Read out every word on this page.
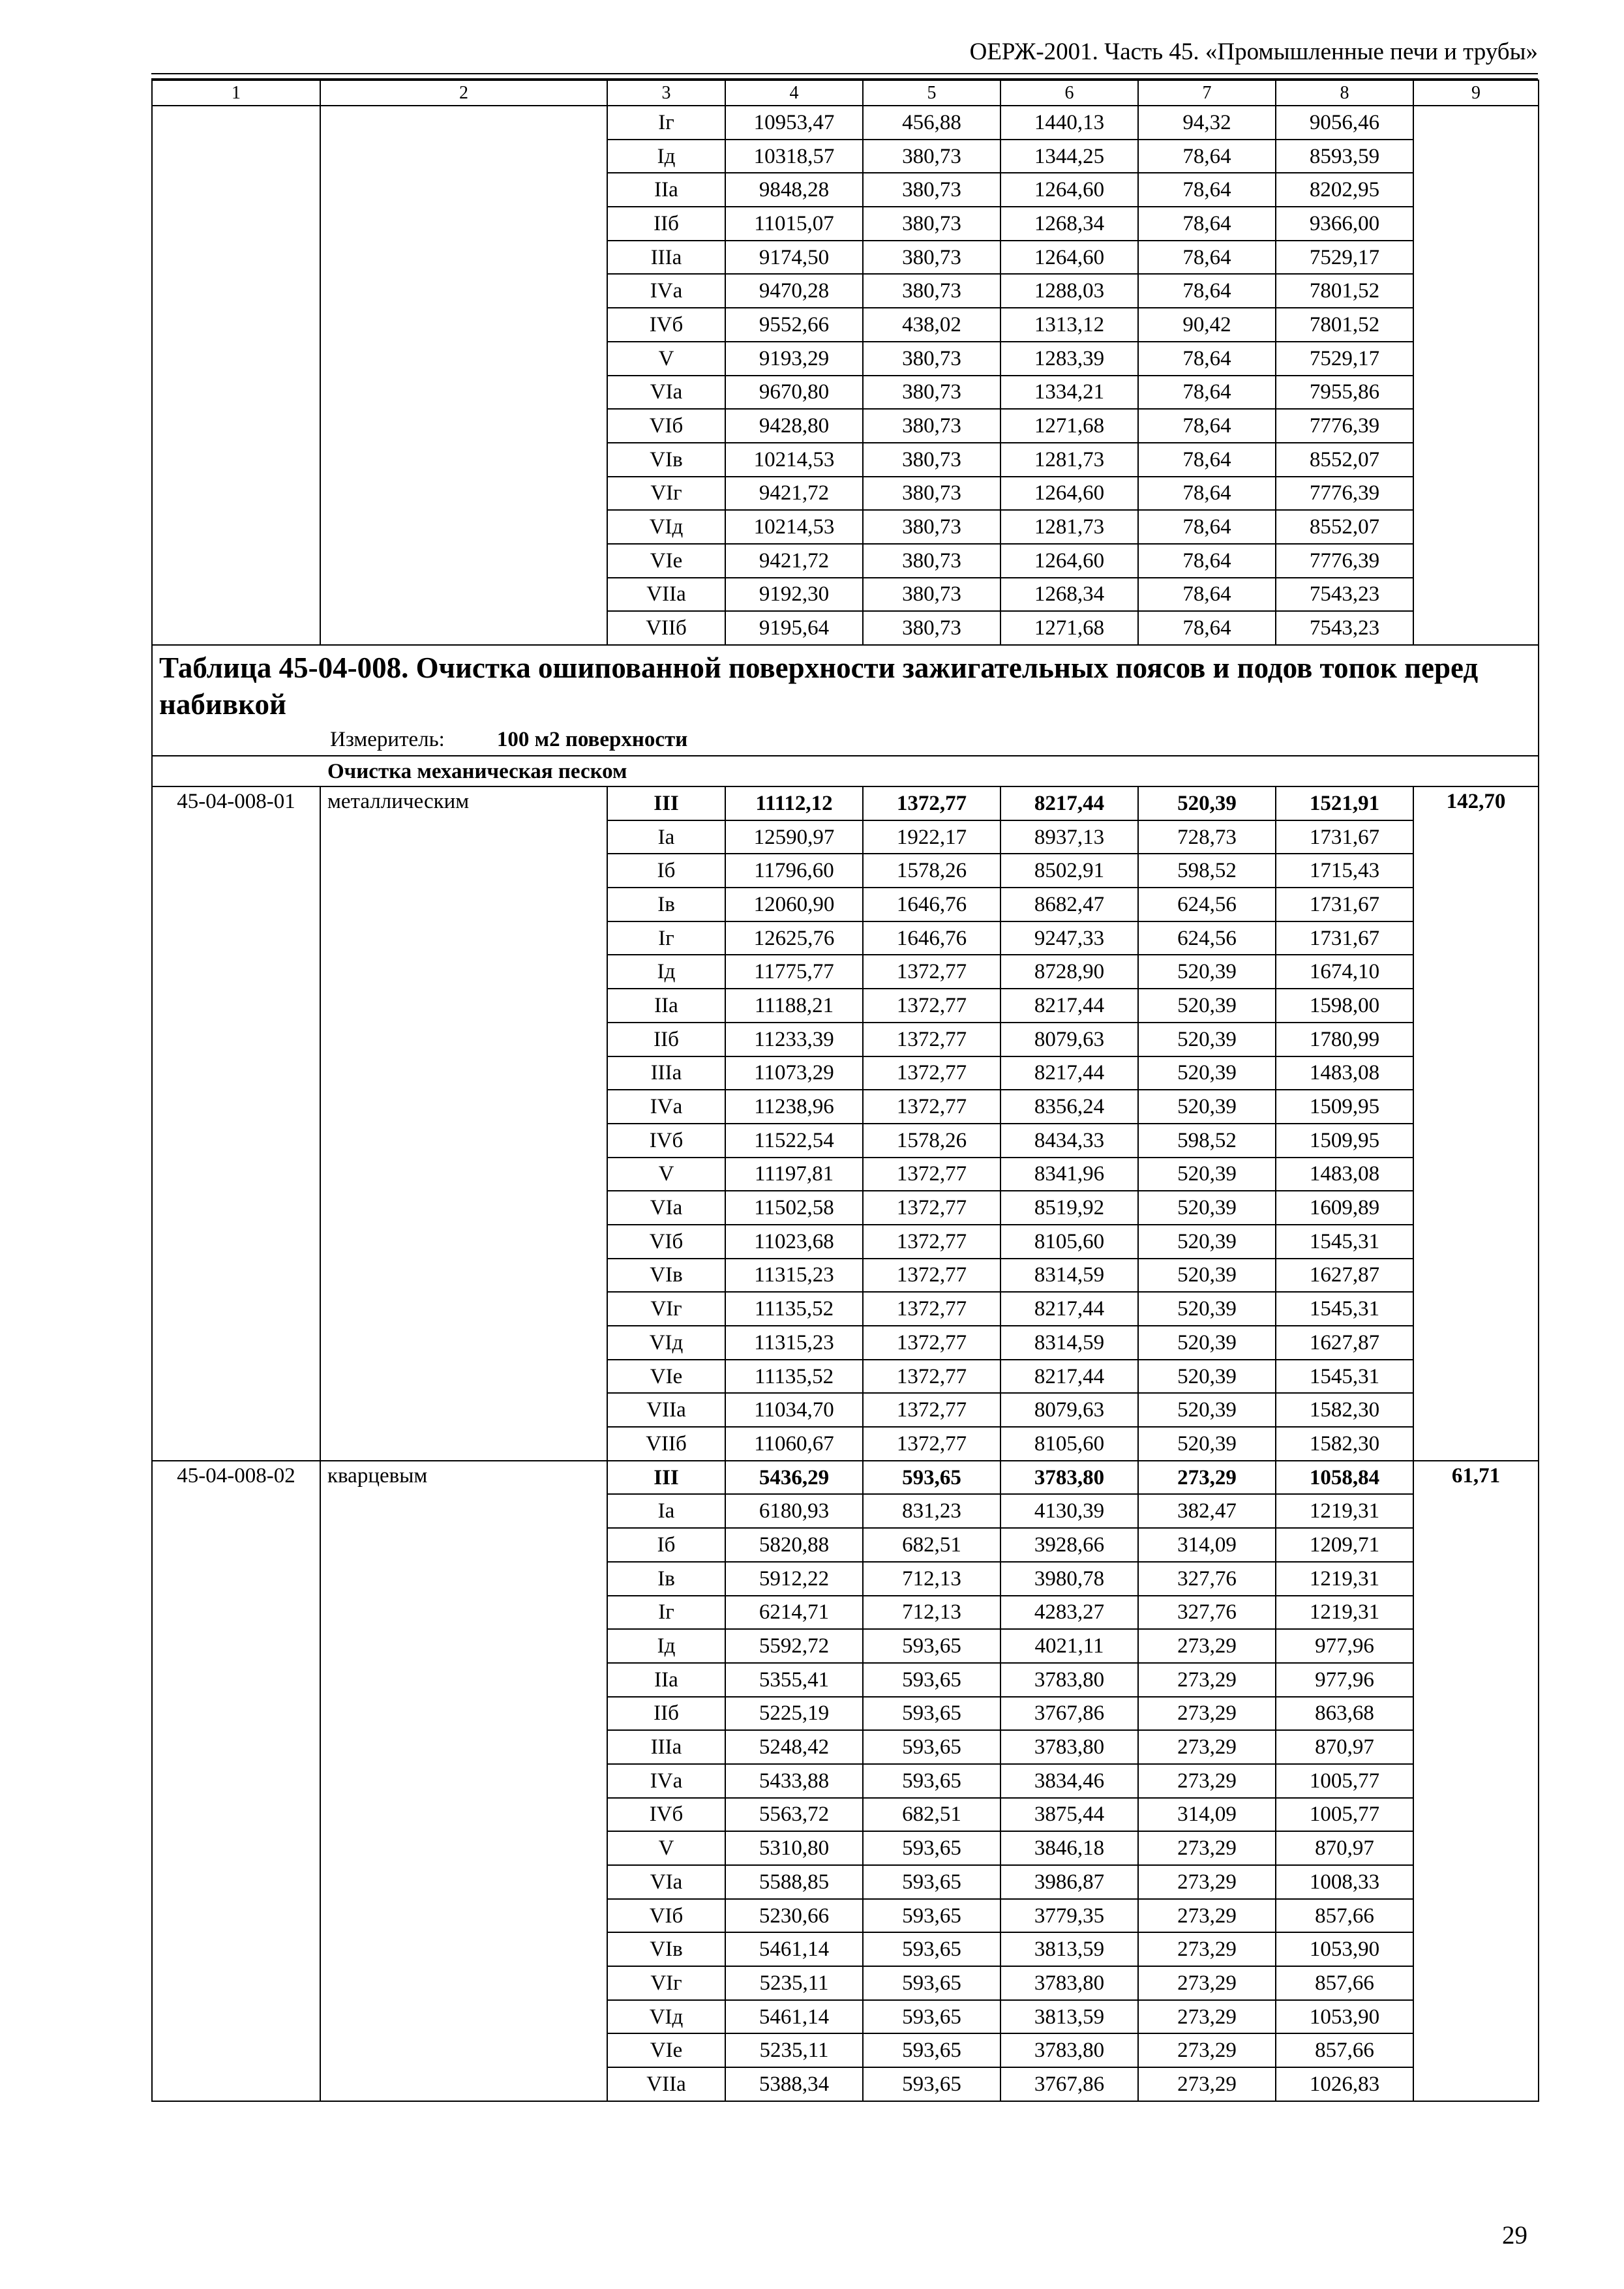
ОЕРЖ-2001. Часть 45. «Промышленные печи и трубы»
1	2	3	4	5	6	7	8	9
		Iг	10953,47	456,88	1440,13	94,32	9056,46	
		Iд	10318,57	380,73	1344,25	78,64	8593,59	
		IIа	9848,28	380,73	1264,60	78,64	8202,95	
		IIб	11015,07	380,73	1268,34	78,64	9366,00	
		IIIа	9174,50	380,73	1264,60	78,64	7529,17	
		IVа	9470,28	380,73	1288,03	78,64	7801,52	
		IVб	9552,66	438,02	1313,12	90,42	7801,52	
		V	9193,29	380,73	1283,39	78,64	7529,17	
		VIа	9670,80	380,73	1334,21	78,64	7955,86	
		VIб	9428,80	380,73	1271,68	78,64	7776,39	
		VIв	10214,53	380,73	1281,73	78,64	8552,07	
		VIг	9421,72	380,73	1264,60	78,64	7776,39	
		VIд	10214,53	380,73	1281,73	78,64	8552,07	
		VIе	9421,72	380,73	1264,60	78,64	7776,39	
		VIIа	9192,30	380,73	1268,34	78,64	7543,23	
		VIIб	9195,64	380,73	1271,68	78,64	7543,23	

Таблица 45-04-008. Очистка ошипованной поверхности зажигательных поясов и подов топок перед набивкой
Измеритель: 100 м2 поверхности								

Очистка механическая песком								
45-04-008-01	металлическим	III	11112,12	1372,77	8217,44	520,39	1521,91	142,70
		Iа	12590,97	1922,17	8937,13	728,73	1731,67	
		Iб	11796,60	1578,26	8502,91	598,52	1715,43	
		Iв	12060,90	1646,76	8682,47	624,56	1731,67	
		Iг	12625,76	1646,76	9247,33	624,56	1731,67	
		Iд	11775,77	1372,77	8728,90	520,39	1674,10	
		IIа	11188,21	1372,77	8217,44	520,39	1598,00	
		IIб	11233,39	1372,77	8079,63	520,39	1780,99	
		IIIа	11073,29	1372,77	8217,44	520,39	1483,08	
		IVа	11238,96	1372,77	8356,24	520,39	1509,95	
		IVб	11522,54	1578,26	8434,33	598,52	1509,95	
		V	11197,81	1372,77	8341,96	520,39	1483,08	
		VIа	11502,58	1372,77	8519,92	520,39	1609,89	
		VIб	11023,68	1372,77	8105,60	520,39	1545,31	
		VIв	11315,23	1372,77	8314,59	520,39	1627,87	
		VIг	11135,52	1372,77	8217,44	520,39	1545,31	
		VIд	11315,23	1372,77	8314,59	520,39	1627,87	
		VIе	11135,52	1372,77	8217,44	520,39	1545,31	
		VIIа	11034,70	1372,77	8079,63	520,39	1582,30	
		VIIб	11060,67	1372,77	8105,60	520,39	1582,30	
45-04-008-02	кварцевым	III	5436,29	593,65	3783,80	273,29	1058,84	61,71
		Iа	6180,93	831,23	4130,39	382,47	1219,31	
		Iб	5820,88	682,51	3928,66	314,09	1209,71	
		Iв	5912,22	712,13	3980,78	327,76	1219,31	
		Iг	6214,71	712,13	4283,27	327,76	1219,31	
		Iд	5592,72	593,65	4021,11	273,29	977,96	
		IIа	5355,41	593,65	3783,80	273,29	977,96	
		IIб	5225,19	593,65	3767,86	273,29	863,68	
		IIIа	5248,42	593,65	3783,80	273,29	870,97	
		IVа	5433,88	593,65	3834,46	273,29	1005,77	
		IVб	5563,72	682,51	3875,44	314,09	1005,77	
		V	5310,80	593,65	3846,18	273,29	870,97	
		VIа	5588,85	593,65	3986,87	273,29	1008,33	
		VIб	5230,66	593,65	3779,35	273,29	857,66	
		VIв	5461,14	593,65	3813,59	273,29	1053,90	
		VIг	5235,11	593,65	3783,80	273,29	857,66	
		VIд	5461,14	593,65	3813,59	273,29	1053,90	
		VIе	5235,11	593,65	3783,80	273,29	857,66	
		VIIа	5388,34	593,65	3767,86	273,29	1026,83	
29
